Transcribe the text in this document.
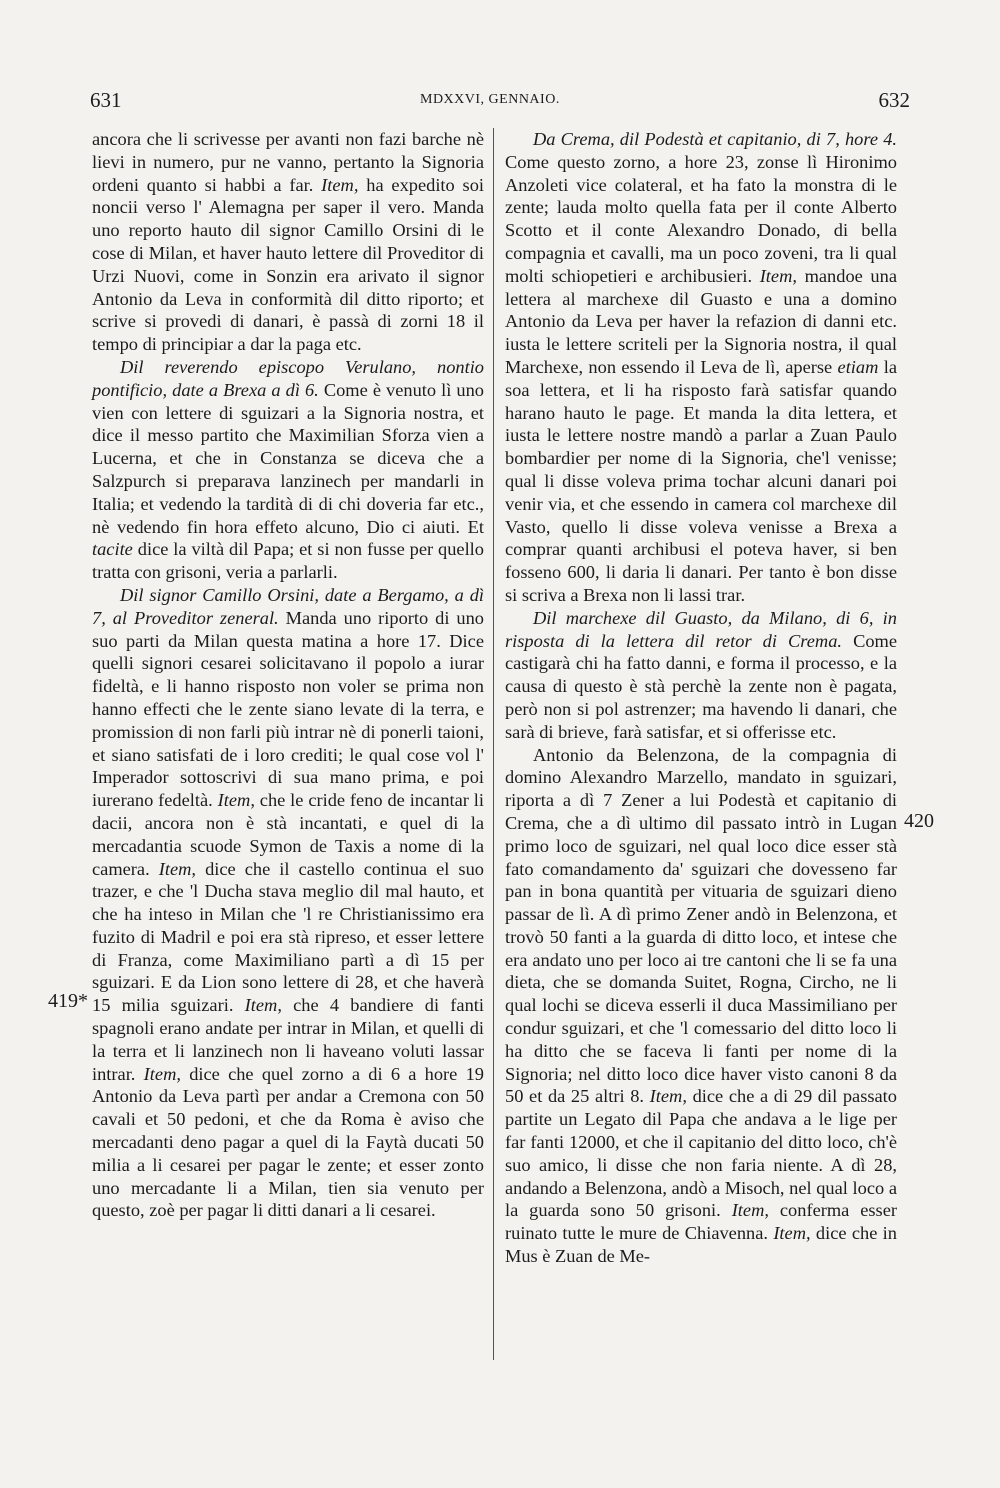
631	MDXXVI, GENNAIO.	632
419*
420

ancora che li scrivesse per avanti non fazi barche nè lievi in numero, pur ne vanno, pertanto la Signoria ordeni quanto si habbi a far. Item, ha expedito soi noncii verso l' Alemagna per saper il vero. Manda uno reporto hauto dil signor Camillo Orsini di le cose di Milan, et haver hauto lettere dil Proveditor di Urzi Nuovi, come in Sonzin era arivato il signor Antonio da Leva in conformità dil ditto riporto; et scrive si provedi di danari, è passà di zorni 18 il tempo di principiar a dar la paga etc.

Dil reverendo episcopo Verulano, nontio pontificio, date a Brexa a dì 6. Come è venuto lì uno vien con lettere di sguizari a la Signoria nostra, et dice il messo partito che Maximilian Sforza vien a Lucerna, et che in Constanza se diceva che a Salzpurch si preparava lanzinech per mandarli in Italia; et vedendo la tardità di di chi doveria far etc., nè vedendo fin hora effeto alcuno, Dio ci aiuti. Et tacite dice la viltà dil Papa; et si non fusse per quello tratta con grisoni, veria a parlarli.

Dil signor Camillo Orsini, date a Bergamo, a dì 7, al Proveditor zeneral. Manda uno riporto di uno suo parti da Milan questa matina a hore 17. Dice quelli signori cesarei solicitavano il popolo a iurar fideltà, e li hanno risposto non voler se prima non hanno effecti che le zente siano levate di la terra, e promission di non farli più intrar nè di ponerli taioni, et siano satisfati de i loro crediti; le qual cose vol l' Imperador sottoscrivi di sua mano prima, e poi iurerano fedeltà. Item, che le cride feno de incantar li dacii, ancora non è stà incantati, e quel di la mercadantia scuode Symon de Taxis a nome di la camera. Item, dice che il castello continua el suo trazer, e che 'l Ducha stava meglio dil mal hauto, et che ha inteso in Milan che 'l re Christianissimo era fuzito di Madril e poi era stà ripreso, et esser lettere di Franza, come Maximiliano partì a dì 15 per sguizari. E da Lion sono lettere di 28, et che haverà 15 milia sguizari. Item, che 4 bandiere di fanti spagnoli erano andate per intrar in Milan, et quelli di la terra et li lanzinech non li haveano voluti lassar intrar. Item, dice che quel zorno a di 6 a hore 19 Antonio da Leva partì per andar a Cremona con 50 cavali et 50 pedoni, et che da Roma è aviso che mercadanti deno pagar a quel di la Faytà ducati 50 milia a li cesarei per pagar le zente; et esser zonto uno mercadante li a Milan, tien sia venuto per questo, zoè per pagar li ditti danari a li cesarei.

Da Crema, dil Podestà et capitanio, di 7, hore 4. Come questo zorno, a hore 23, zonse lì Hironimo Anzoleti vice colateral, et ha fato la monstra di le zente; lauda molto quella fata per il conte Alberto Scotto et il conte Alexandro Donado, di bella compagnia et cavalli, ma un poco zoveni, tra li qual molti schiopetieri e archibusieri. Item, mandoe una lettera al marchexe dil Guasto e una a domino Antonio da Leva per haver la refazion di danni etc. iusta le lettere scriteli per la Signoria nostra, il qual Marchexe, non essendo il Leva de lì, aperse etiam la soa lettera, et li ha risposto farà satisfar quando harano hauto le page. Et manda la dita lettera, et iusta le lettere nostre mandò a parlar a Zuan Paulo bombardier per nome di la Signoria, che'l venisse; qual li disse voleva prima tochar alcuni danari poi venir via, et che essendo in camera col marchexe dil Vasto, quello li disse voleva venisse a Brexa a comprar quanti archibusi el poteva haver, si ben fosseno 600, li daria li danari. Per tanto è bon disse si scriva a Brexa non li lassi trar.

Dil marchexe dil Guasto, da Milano, di 6, in risposta di la lettera dil retor di Crema. Come castigarà chi ha fatto danni, e forma il processo, e la causa di questo è stà perchè la zente non è pagata, però non si pol astrenzer; ma havendo li danari, che sarà di brieve, farà satisfar, et si offerisse etc.

Antonio da Belenzona, de la compagnia di domino Alexandro Marzello, mandato in sguizari, riporta a dì 7 Zener a lui Podestà et capitanio di Crema, che a dì ultimo dil passato intrò in Lugan primo loco de sguizari, nel qual loco dice esser stà fato comandamento da' sguizari che dovesseno far pan in bona quantità per vituaria de sguizari dieno passar de lì. A dì primo Zener andò in Belenzona, et trovò 50 fanti a la guarda di ditto loco, et intese che era andato uno per loco ai tre cantoni che li se fa una dieta, che se domanda Suitet, Rogna, Circho, ne li qual lochi se diceva esserli il duca Massimiliano per condur sguizari, et che 'l comessario del ditto loco li ha ditto che se faceva li fanti per nome di la Signoria; nel ditto loco dice haver visto canoni 8 da 50 et da 25 altri 8. Item, dice che a di 29 dil passato partite un Legato dil Papa che andava a le lige per far fanti 12000, et che il capitanio del ditto loco, ch'è suo amico, li disse che non faria niente. A dì 28, andando a Belenzona, andò a Misoch, nel qual loco a la guarda sono 50 grisoni. Item, conferma esser ruinato tutte le mure de Chiavenna. Item, dice che in Mus è Zuan de Me-
